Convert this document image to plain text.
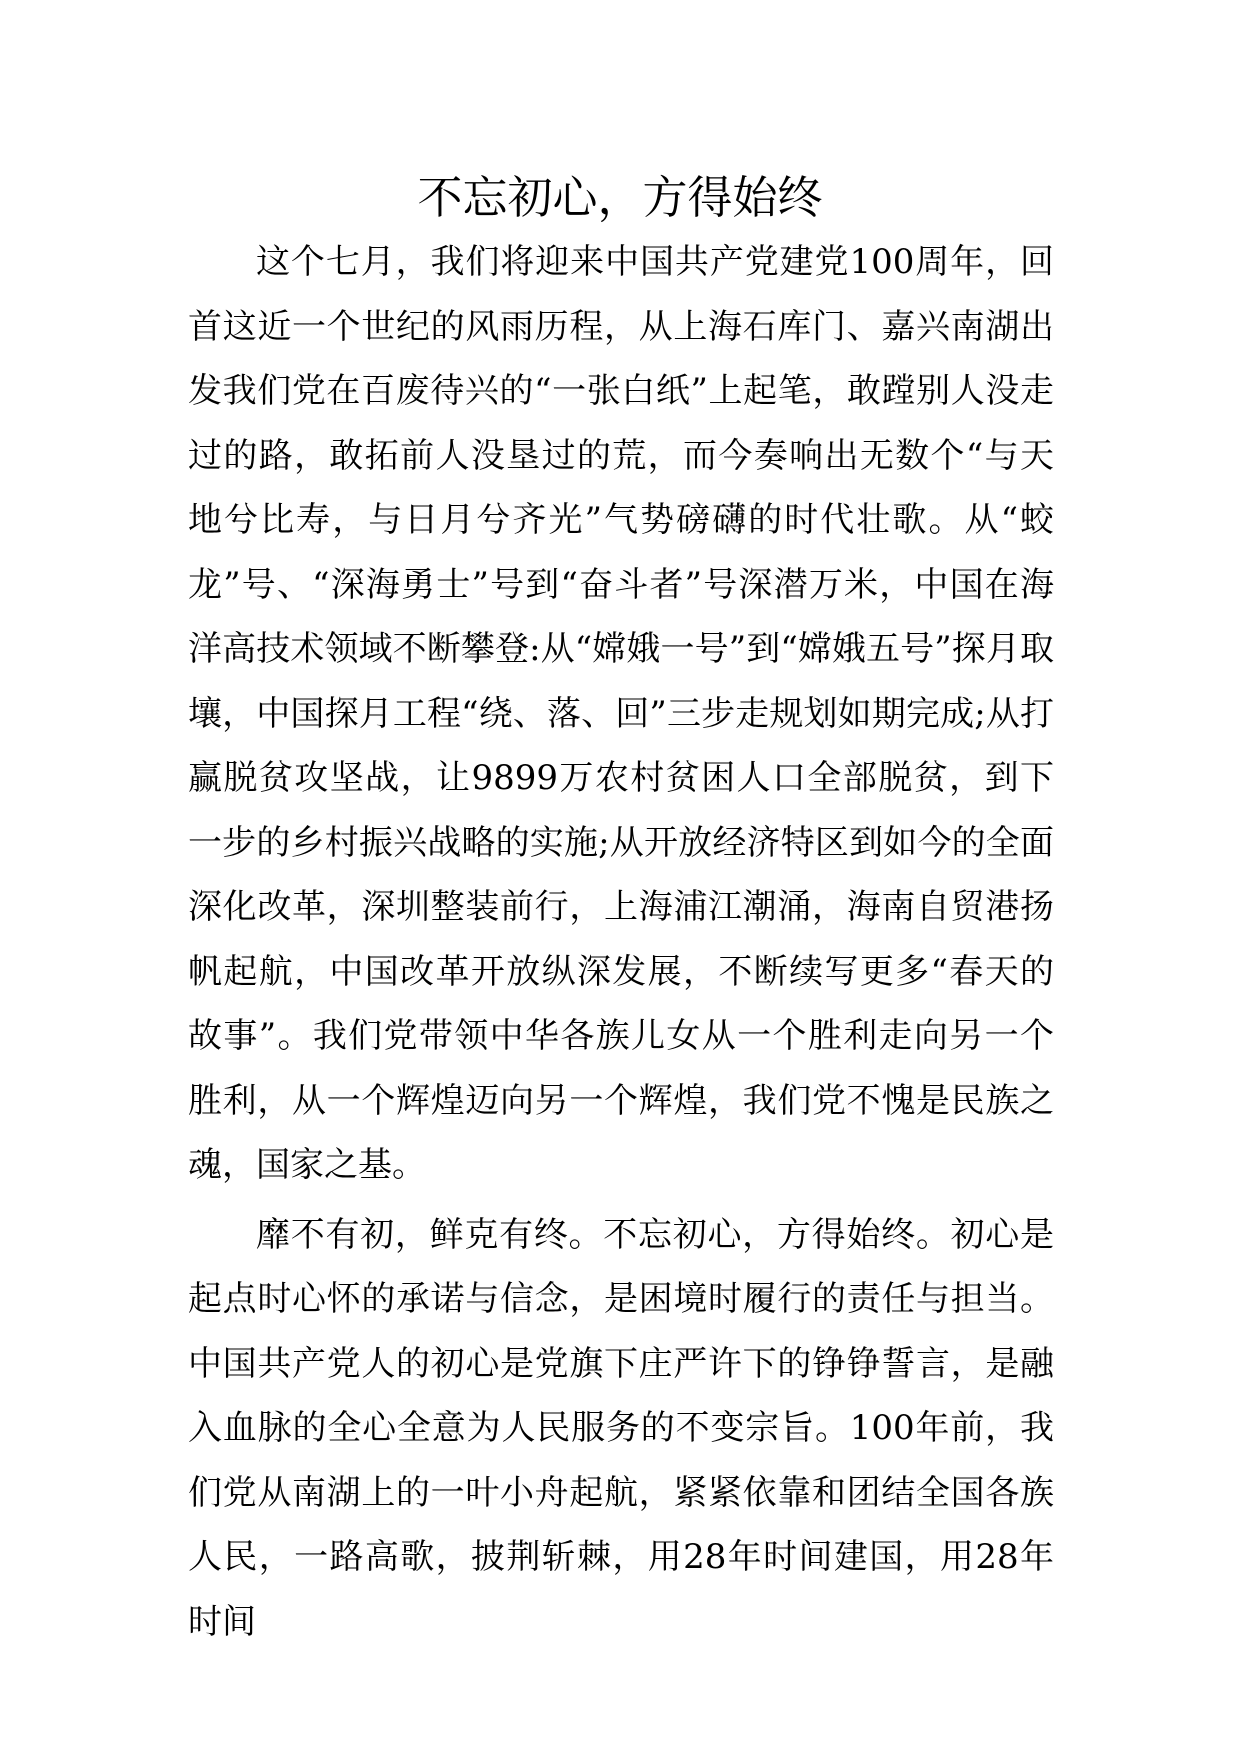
不忘初心，方得始终

这个七月，我们将迎来中国共产党建党100周年，回首这近一个世纪的风雨历程，从上海石库门、嘉兴南湖出发我们党在百废待兴的“一张白纸”上起笔，敢蹚别人没走过的路，敢拓前人没垦过的荒，而今奏响出无数个“与天地兮比寿，与日月兮齐光”气势磅礴的时代壮歌。从“蛟龙”号、“深海勇士”号到“奋斗者”号深潜万米，中国在海洋高技术领域不断攀登:从“嫦娥一号”到“嫦娥五号”探月取壤，中国探月工程“绕、落、回”三步走规划如期完成;从打赢脱贫攻坚战，让9899万农村贫困人口全部脱贫，到下一步的乡村振兴战略的实施;从开放经济特区到如今的全面深化改革，深圳整装前行，上海浦江潮涌，海南自贸港扬帆起航，中国改革开放纵深发展，不断续写更多“春天的故事”。我们党带领中华各族儿女从一个胜利走向另一个胜利，从一个辉煌迈向另一个辉煌，我们党不愧是民族之魂，国家之基。

靡不有初，鲜克有终。不忘初心，方得始终。初心是起点时心怀的承诺与信念，是困境时履行的责任与担当。中国共产党人的初心是党旗下庄严许下的铮铮誓言，是融入血脉的全心全意为人民服务的不变宗旨。100年前，我们党从南湖上的一叶小舟起航，紧紧依靠和团结全国各族人民，一路高歌，披荆斩棘，用28年时间建国，用28年时间
